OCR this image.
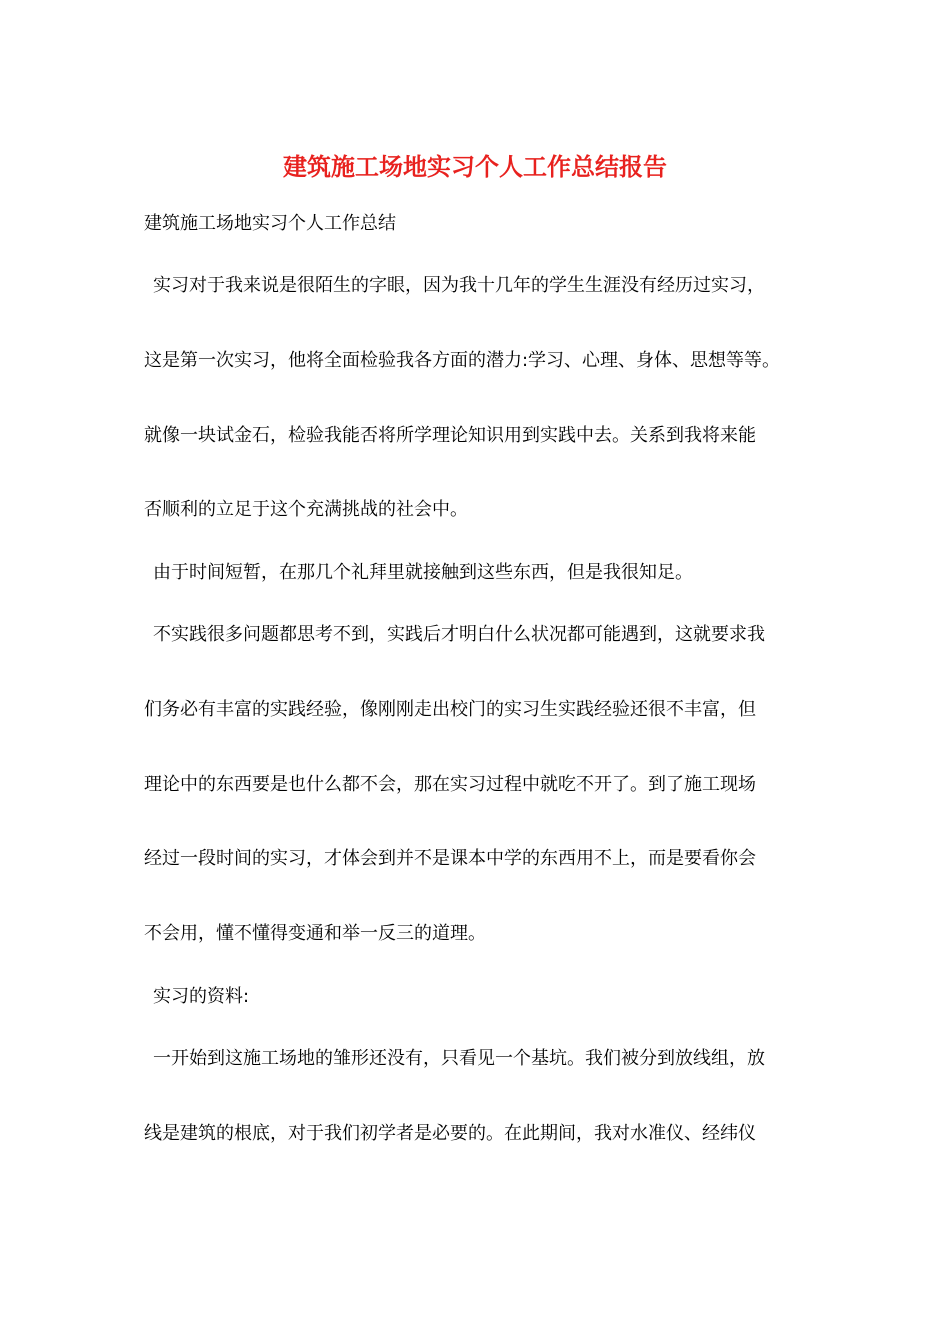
建筑施工场地实习个人工作总结报告

建筑施工场地实习个人工作总结

实习对于我来说是很陌生的字眼，因为我十几年的学生生涯没有经历过实习，

这是第一次实习，他将全面检验我各方面的潜力:学习、心理、身体、思想等等。

就像一块试金石，检验我能否将所学理论知识用到实践中去。关系到我将来能

否顺利的立足于这个充满挑战的社会中。

由于时间短暂，在那几个礼拜里就接触到这些东西，但是我很知足。

不实践很多问题都思考不到，实践后才明白什么状况都可能遇到，这就要求我

们务必有丰富的实践经验，像刚刚走出校门的实习生实践经验还很不丰富，但

理论中的东西要是也什么都不会，那在实习过程中就吃不开了。到了施工现场

经过一段时间的实习，才体会到并不是课本中学的东西用不上，而是要看你会

不会用，懂不懂得变通和举一反三的道理。

实习的资料:

一开始到这施工场地的雏形还没有，只看见一个基坑。我们被分到放线组，放

线是建筑的根底，对于我们初学者是必要的。在此期间，我对水准仪、经纬仪
